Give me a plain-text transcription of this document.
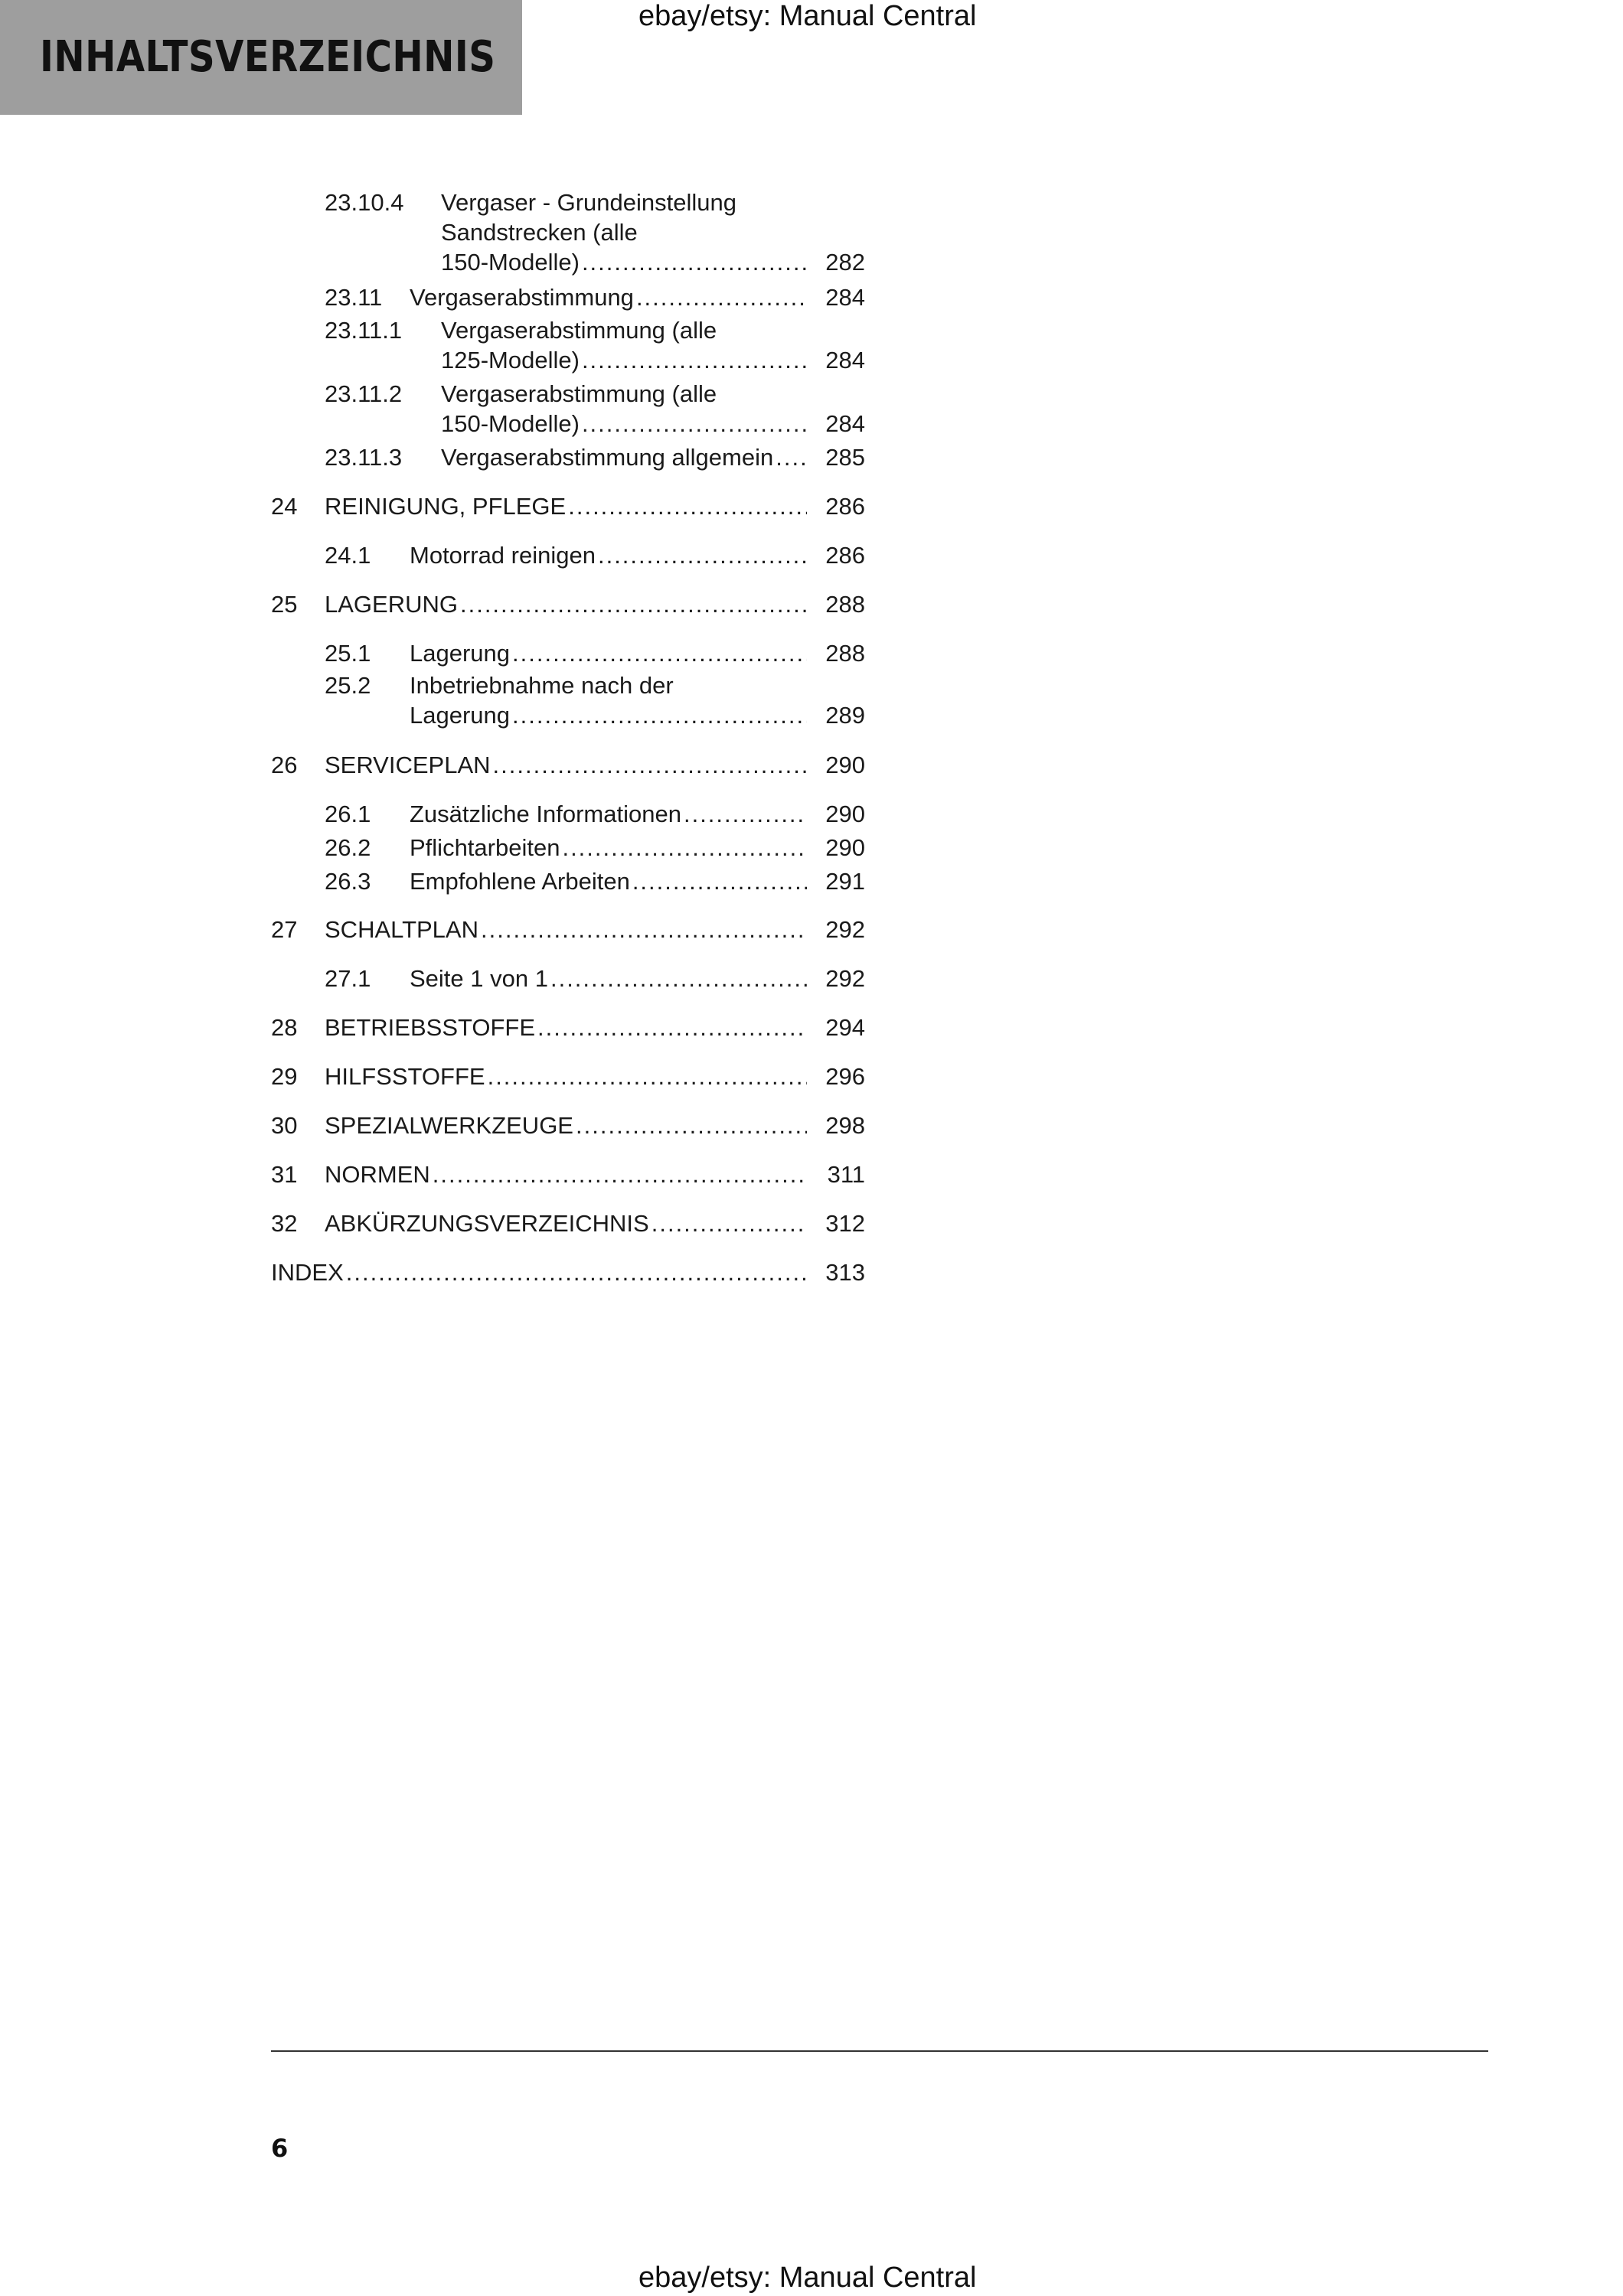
INHALTSVERZEICHNIS
ebay/etsy: Manual Central
23.10.4 Vergaser - Grundeinstellung
Sandstrecken (alle
150-Modelle) .....	282
23.11 Vergaserabstimmung .....	284
23.11.1 Vergaserabstimmung (alle
125-Modelle) .....	284
23.11.2 Vergaserabstimmung (alle
150-Modelle) .....	284
23.11.3 Vergaserabstimmung allgemein .....	285
24 REINIGUNG, PFLEGE .....	286
24.1 Motorrad reinigen .....	286
25 LAGERUNG .....	288
25.1 Lagerung .....	288
25.2 Inbetriebnahme nach der
Lagerung .....	289
26 SERVICEPLAN .....	290
26.1 Zusätzliche Informationen .....	290
26.2 Pflichtarbeiten .....	290
26.3 Empfohlene Arbeiten .....	291
27 SCHALTPLAN .....	292
27.1 Seite 1 von 1 .....	292
28 BETRIEBSSTOFFE .....	294
29 HILFSSTOFFE .....	296
30 SPEZIALWERKZEUGE .....	298
31 NORMEN .....	311
32 ABKÜRZUNGSVERZEICHNIS .....	312
INDEX .....	313
6
ebay/etsy: Manual Central
